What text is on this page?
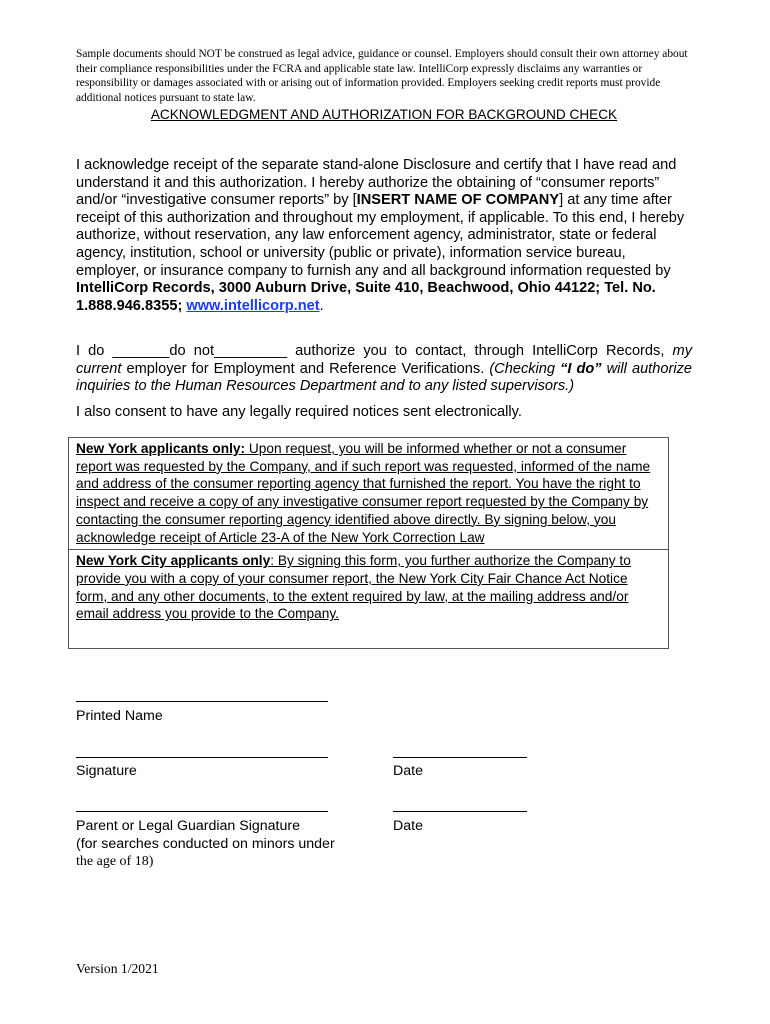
Sample documents should NOT be construed as legal advice, guidance or counsel. Employers should consult their own attorney about their compliance responsibilities under the FCRA and applicable state law. IntelliCorp expressly disclaims any warranties or responsibility or damages associated with or arising out of information provided. Employers seeking credit reports must provide additional notices pursuant to state law.

ACKNOWLEDGMENT AND AUTHORIZATION FOR BACKGROUND CHECK

I acknowledge receipt of the separate stand-alone Disclosure and certify that I have read and understand it and this authorization. I hereby authorize the obtaining of “consumer reports” and/or “investigative consumer reports” by [INSERT NAME OF COMPANY] at any time after receipt of this authorization and throughout my employment, if applicable. To this end, I hereby authorize, without reservation, any law enforcement agency, administrator, state or federal agency, institution, school or university (public or private), information service bureau, employer, or insurance company to furnish any and all background information requested by IntelliCorp Records, 3000 Auburn Drive, Suite 410, Beachwood, Ohio 44122; Tel. No. 1.888.946.8355; www.intellicorp.net.

I do _______do not_________ authorize you to contact, through IntelliCorp Records, my current employer for Employment and Reference Verifications. (Checking “I do” will authorize inquiries to the Human Resources Department and to any listed supervisors.)

I also consent to have any legally required notices sent electronically.

New York applicants only: Upon request, you will be informed whether or not a consumer report was requested by the Company, and if such report was requested, informed of the name and address of the consumer reporting agency that furnished the report. You have the right to inspect and receive a copy of any investigative consumer report requested by the Company by contacting the consumer reporting agency identified above directly. By signing below, you acknowledge receipt of Article 23-A of the New York Correction Law
New York City applicants only: By signing this form, you further authorize the Company to provide you with a copy of your consumer report, the New York City Fair Chance Act Notice form, and any other documents, to the extent required by law, at the mailing address and/or email address you provide to the Company.

Printed Name

Signature	Date

Parent or Legal Guardian Signature

(for searches conducted on minors under

the age of 18)

Date

Version 1/2021
